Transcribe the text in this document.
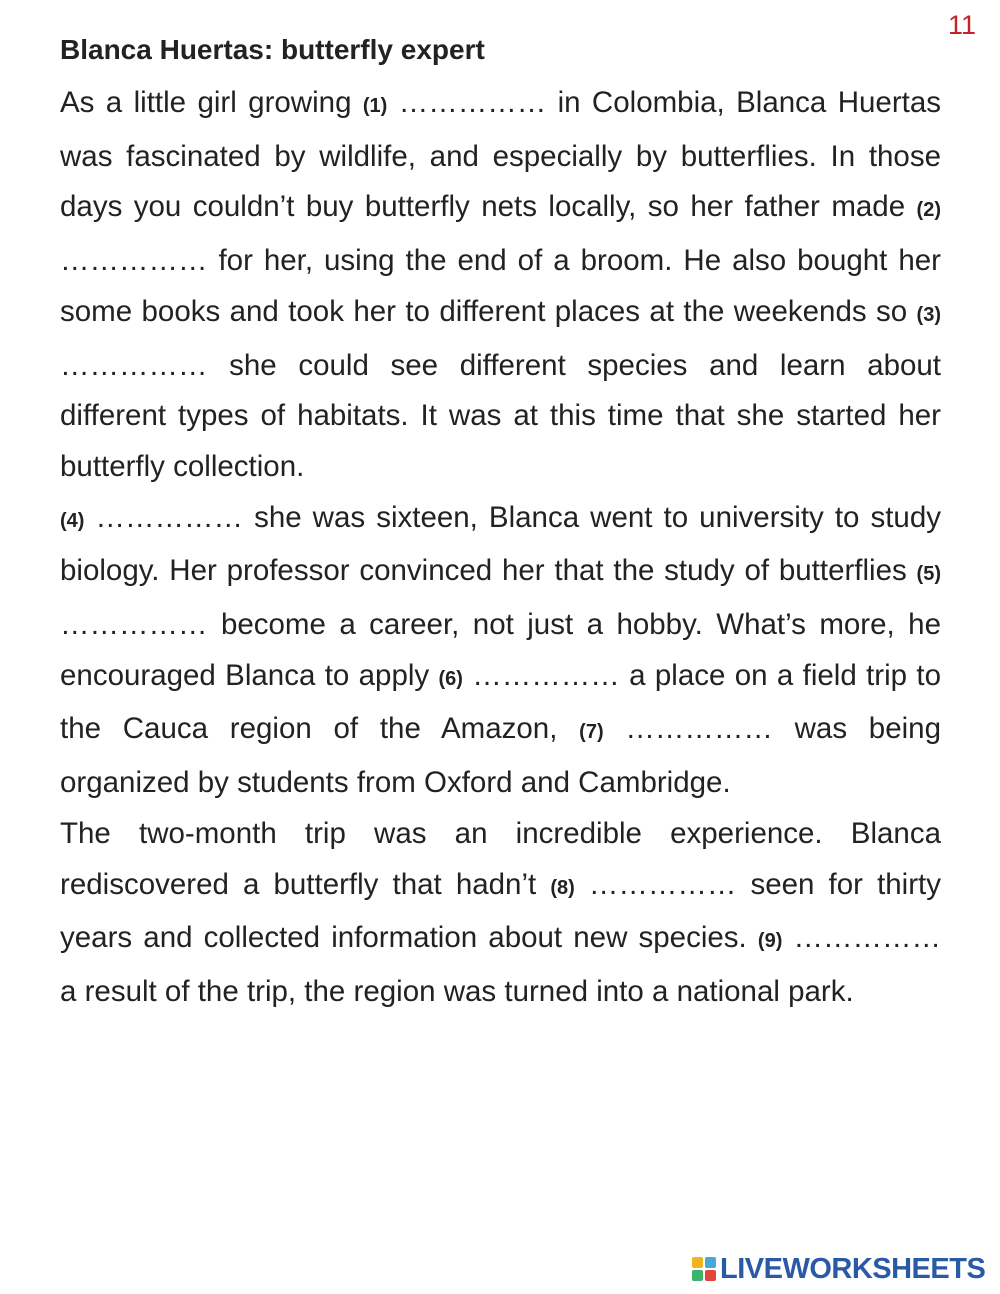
11
Blanca Huertas: butterfly expert

As a little girl growing (1) …………… in Colombia, Blanca Huertas was fascinated by wildlife, and especially by butterflies. In those days you couldn’t buy butterfly nets locally, so her father made (2) …………… for her, using the end of a broom. He also bought her some books and took her to different places at the weekends so (3) …………… she could see different species and learn about different types of habitats. It was at this time that she started her butterfly collection.

(4) …………… she was sixteen, Blanca went to university to study biology. Her professor convinced her that the study of butterflies (5) …………… become a career, not just a hobby. What’s more, he encouraged Blanca to apply (6) …………… a place on a field trip to the Cauca region of the Amazon, (7) …………… was being organized by students from Oxford and Cambridge.

The two-month trip was an incredible experience. Blanca rediscovered a butterfly that hadn’t (8) …………… seen for thirty years and collected information about new species. (9) …………… a result of the trip, the region was turned into a national park.

LIVEWORKSHEETS
